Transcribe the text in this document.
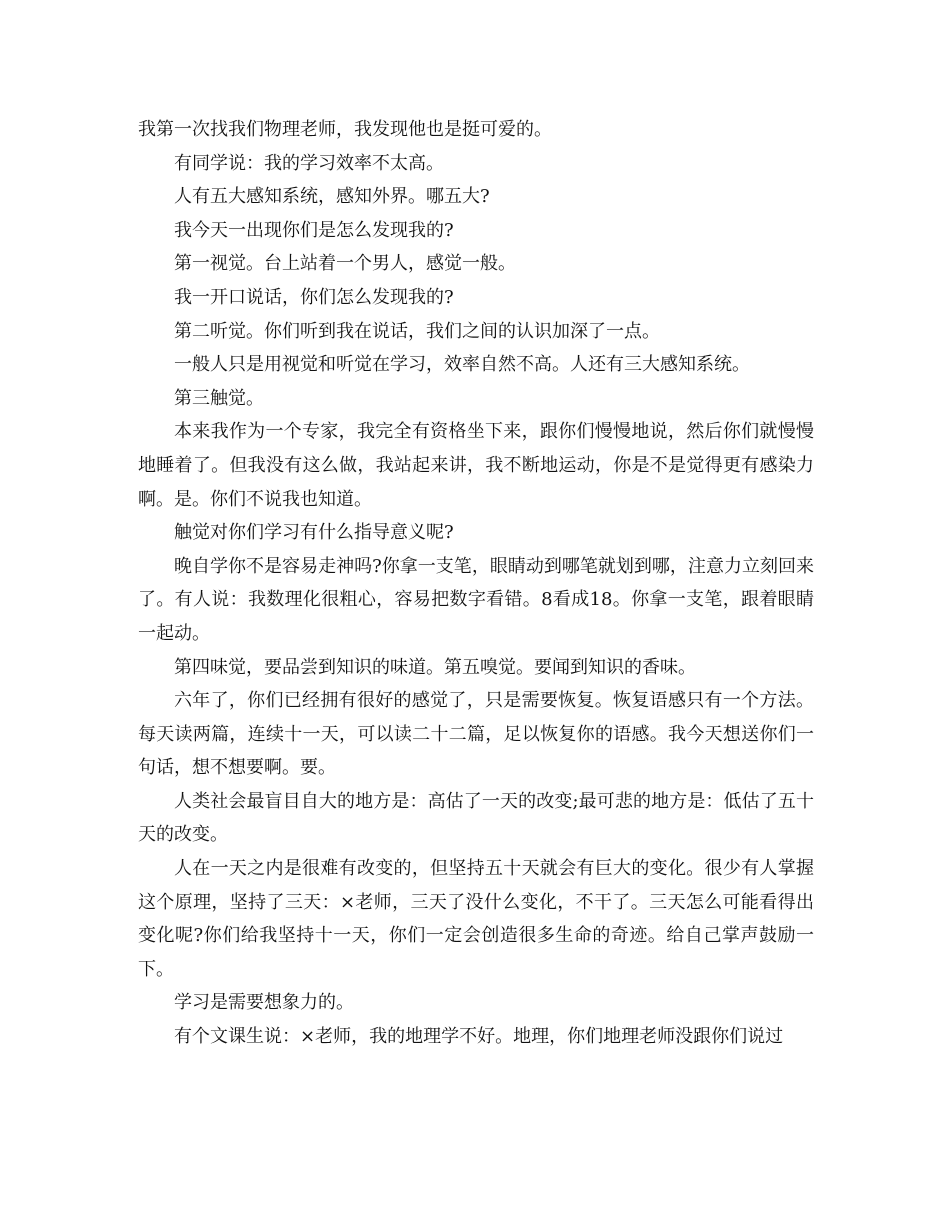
我第一次找我们物理老师，我发现他也是挺可爱的。

有同学说：我的学习效率不太高。

人有五大感知系统，感知外界。哪五大?

我今天一出现你们是怎么发现我的?

第一视觉。台上站着一个男人，感觉一般。

我一开口说话，你们怎么发现我的?

第二听觉。你们听到我在说话，我们之间的认识加深了一点。

一般人只是用视觉和听觉在学习，效率自然不高。人还有三大感知系统。

第三触觉。

本来我作为一个专家，我完全有资格坐下来，跟你们慢慢地说，然后你们就慢慢地睡着了。但我没有这么做，我站起来讲，我不断地运动，你是不是觉得更有感染力啊。是。你们不说我也知道。

触觉对你们学习有什么指导意义呢?

晚自学你不是容易走神吗?你拿一支笔，眼睛动到哪笔就划到哪，注意力立刻回来了。有人说：我数理化很粗心，容易把数字看错。8看成18。你拿一支笔，跟着眼睛一起动。

第四味觉，要品尝到知识的味道。第五嗅觉。要闻到知识的香味。

六年了，你们已经拥有很好的感觉了，只是需要恢复。恢复语感只有一个方法。每天读两篇，连续十一天，可以读二十二篇，足以恢复你的语感。我今天想送你们一句话，想不想要啊。要。

人类社会最盲目自大的地方是：高估了一天的改变;最可悲的地方是：低估了五十天的改变。

人在一天之内是很难有改变的，但坚持五十天就会有巨大的变化。很少有人掌握这个原理，坚持了三天：×老师，三天了没什么变化，不干了。三天怎么可能看得出变化呢?你们给我坚持十一天，你们一定会创造很多生命的奇迹。给自己掌声鼓励一下。

学习是需要想象力的。

有个文课生说：×老师，我的地理学不好。地理，你们地理老师没跟你们说过
